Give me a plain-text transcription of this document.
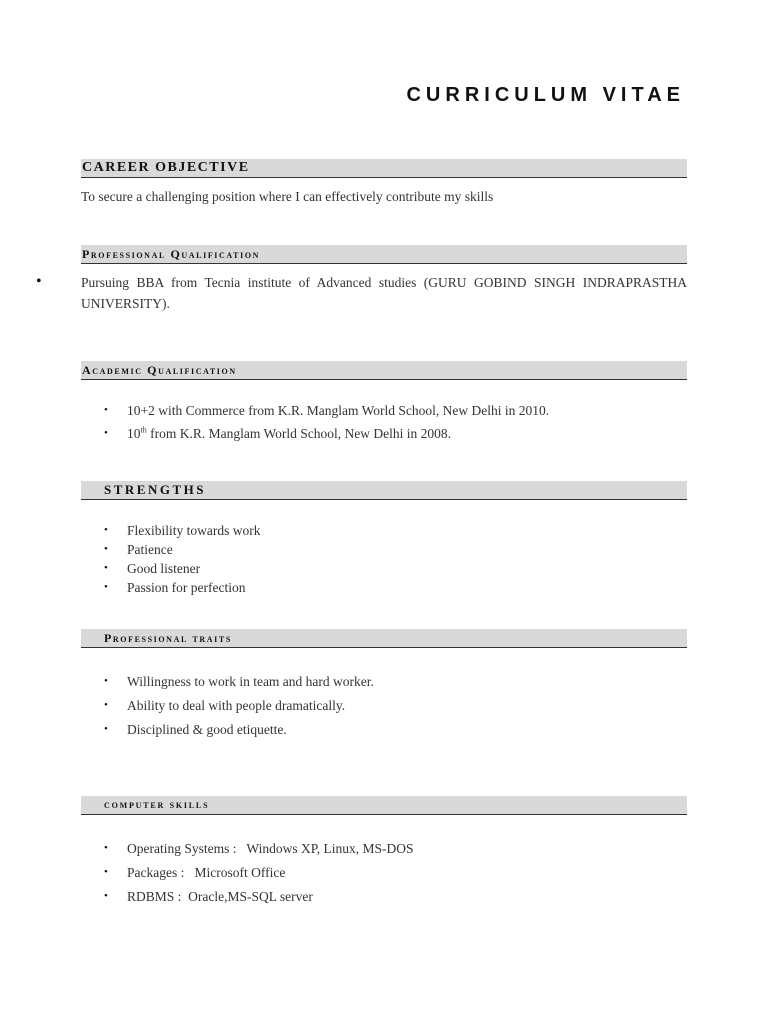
CURRICULUM VITAE
CAREER OBJECTIVE
To secure a challenging position where I can effectively contribute my skills
Professional Qualification
•	Pursuing BBA from Tecnia institute of Advanced studies (GURU GOBIND SINGH INDRAPRASTHA UNIVERSITY).
Academic Qualification
• 10+2 with Commerce from K.R. Manglam World School, New Delhi in 2010.
• 10th from K.R. Manglam World School, New Delhi in 2008.
STRENGTHS
• Flexibility towards work
• Patience
• Good listener
• Passion for perfection
Professional traits
• Willingness to work in team and hard worker.
• Ability to deal with people dramatically.
• Disciplined & good etiquette.
computer skills
• Operating Systems :   Windows XP, Linux, MS-DOS
• Packages :   Microsoft Office
• RDBMS :  Oracle,MS-SQL server
